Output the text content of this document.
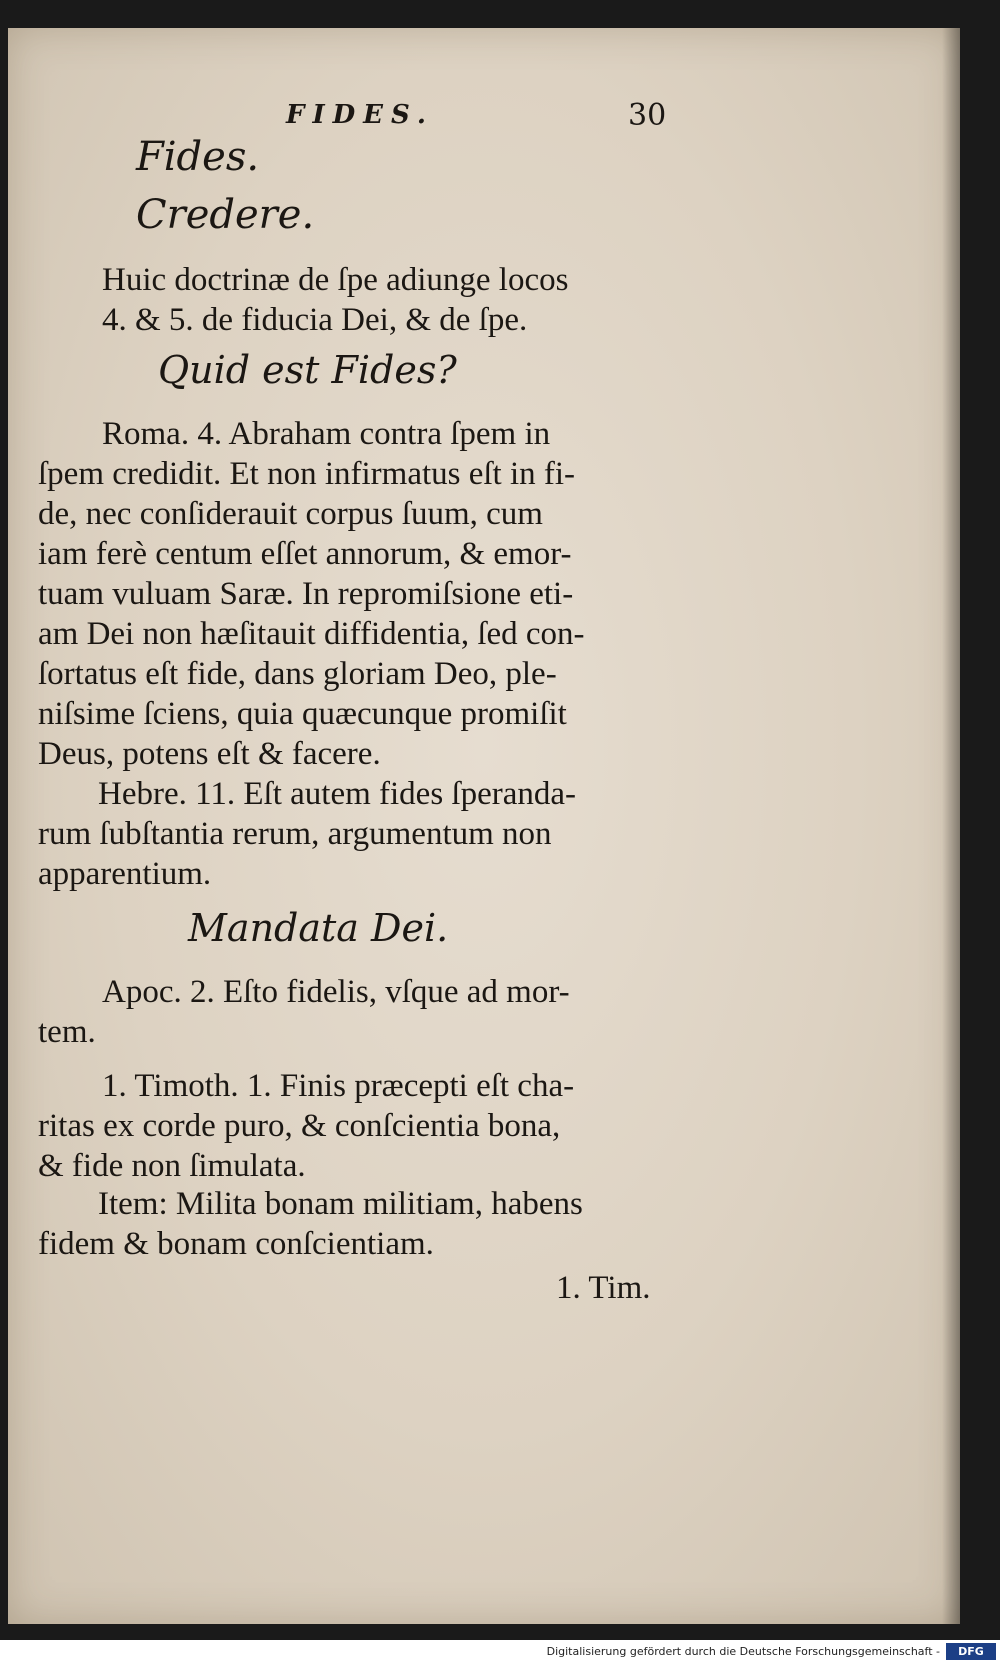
FIDES.	30
Fides.
Credere.

Huic doctrinæ de ſpe adiunge locos
4. & 5. de fiducia Dei, & de ſpe.

Quid est Fides?

Roma. 4. Abraham contra ſpem in
ſpem credidit. Et non infirmatus eſt in fi-
de, nec conſiderauit corpus ſuum, cum
iam ferè centum eſſet annorum, & emor-
tuam vuluam Saræ. In repromiſsione eti-
am Dei non hæſitauit diffidentia, ſed con-
ſortatus eſt fide, dans gloriam Deo, ple-
niſsime ſciens, quia quæcunque promiſit
Deus, potens eſt & facere.

Hebre. 11. Eſt autem fides ſperanda-
rum ſubſtantia rerum, argumentum non
apparentium.

Mandata Dei.

Apoc. 2. Eſto fidelis, vſque ad mor-
tem.

1. Timoth. 1. Finis præcepti eſt cha-
ritas ex corde puro, & conſcientia bona,
& fide non ſimulata.

Item: Milita bonam militiam, habens
fidem & bonam conſcientiam.

1. Tim.
Digitalisierung gefördert durch die Deutsche Forschungsgemeinschaft -	DFG
